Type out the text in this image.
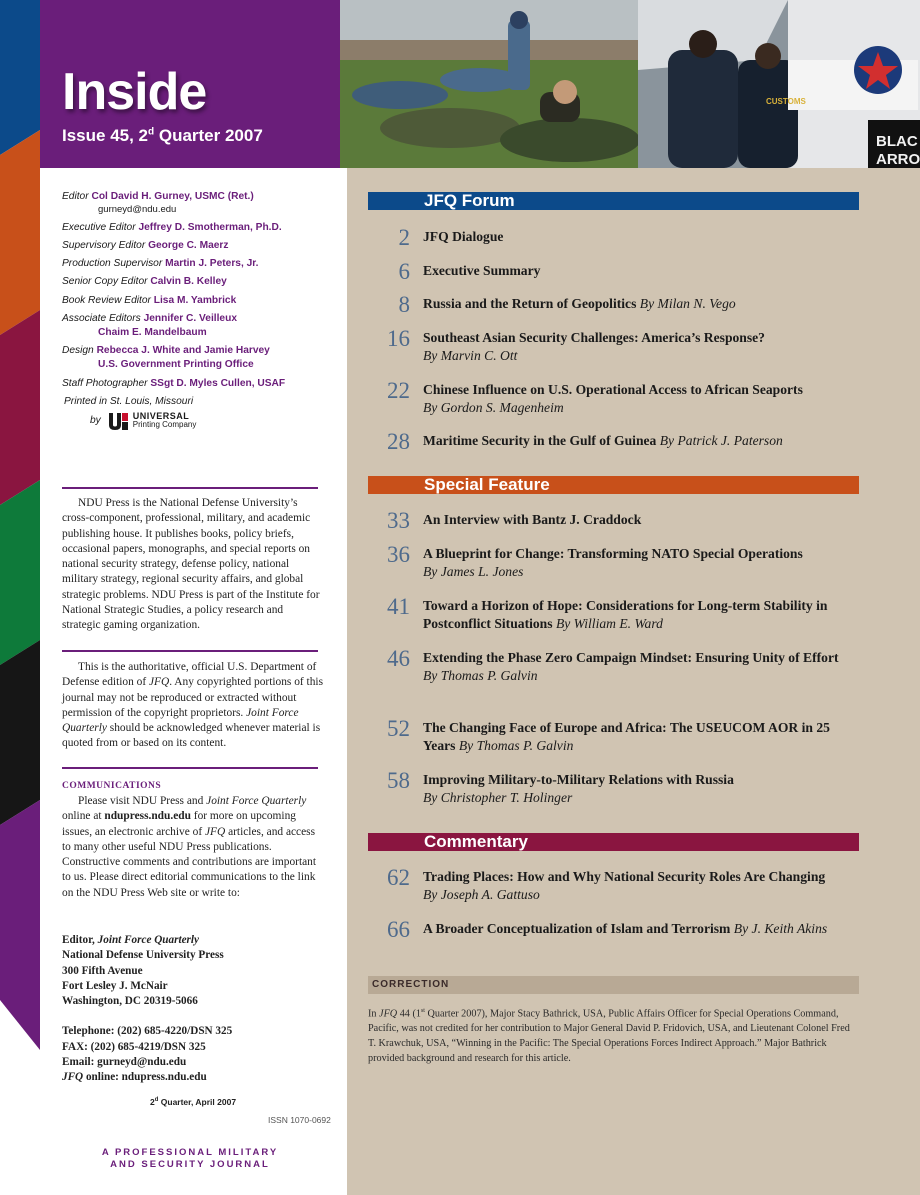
Inside
Issue 45, 2$^d$ Quarter 2007
CUSTOMS
BLAC
ARRO
Editor Col David H. Gurney, USMC (Ret.)
gurneyd@ndu.edu
Executive Editor Jeffrey D. Smotherman, Ph.D.
Supervisory Editor George C. Maerz
Production Supervisor Martin J. Peters, Jr.
Senior Copy Editor Calvin B. Kelley
Book Review Editor Lisa M. Yambrick
Associate Editors Jennifer C. Veilleux
Chaim E. Mandelbaum
Design Rebecca J. White and Jamie Harvey
U.S. Government Printing Office
Staff Photographer SSgt D. Myles Cullen, USAF
Printed in St. Louis, Missouri
by	UNIVERSAL
Printing Company
NDU Press is the National Defense University’s cross-component, professional, military, and academic publishing house. It publishes books, policy briefs, occasional papers, monographs, and special reports on national security strategy, defense policy, national military strategy, regional security affairs, and global strategic problems. NDU Press is part of the Institute for National Strategic Studies, a policy research and strategic gaming organization.
This is the authoritative, official U.S. Department of Defense edition of JFQ. Any copyrighted portions of this journal may not be reproduced or extracted without permission of the copyright proprietors. Joint Force Quarterly should be acknowledged whenever material is quoted from or based on its content.
COMMUNICATIONS
Please visit NDU Press and Joint Force Quarterly online at ndupress.ndu.edu for more on upcoming issues, an electronic archive of JFQ articles, and access to many other useful NDU Press publications. Constructive comments and contributions are important to us. Please direct editorial communications to the link on the NDU Press Web site or write to:
Editor, Joint Force Quarterly
National Defense University Press
300 Fifth Avenue
Fort Lesley J. McNair
Washington, DC 20319-5066
Telephone: (202) 685-4220/DSN 325
FAX: (202) 685-4219/DSN 325
Email: gurneyd@ndu.edu
JFQ online: ndupress.ndu.edu
2$^d$ Quarter, April 2007
ISSN 1070-0692
A PROFESSIONAL MILITARY
AND SECURITY JOURNAL
JFQ Forum
2 JFQ Dialogue
6 Executive Summary
8 Russia and the Return of Geopolitics By Milan N. Vego
16 Southeast Asian Security Challenges: America’s Response?
By Marvin C. Ott
22 Chinese Influence on U.S. Operational Access to African Seaports
By Gordon S. Magenheim
28 Maritime Security in the Gulf of Guinea By Patrick J. Paterson
Special Feature
33 An Interview with Bantz J. Craddock
36 A Blueprint for Change: Transforming NATO Special Operations
By James L. Jones
41 Toward a Horizon of Hope: Considerations for Long-term Stability in Postconflict Situations By William E. Ward
46 Extending the Phase Zero Campaign Mindset: Ensuring Unity of Effort
By Thomas P. Galvin
52 The Changing Face of Europe and Africa: The USEUCOM AOR in 25 Years By Thomas P. Galvin
58 Improving Military-to-Military Relations with Russia
By Christopher T. Holinger
Commentary
62 Trading Places: How and Why National Security Roles Are Changing
By Joseph A. Gattuso
66 A Broader Conceptualization of Islam and Terrorism By J. Keith Akins
CORRECTION
In JFQ 44 (1st Quarter 2007), Major Stacy Bathrick, USA, Public Affairs Officer for Special Operations Command, Pacific, was not credited for her contribution to Major General David P. Fridovich, USA, and Lieutenant Colonel Fred T. Krawchuk, USA, “Winning in the Pacific: The Special Operations Forces Indirect Approach.” Major Bathrick provided background and research for this article.
